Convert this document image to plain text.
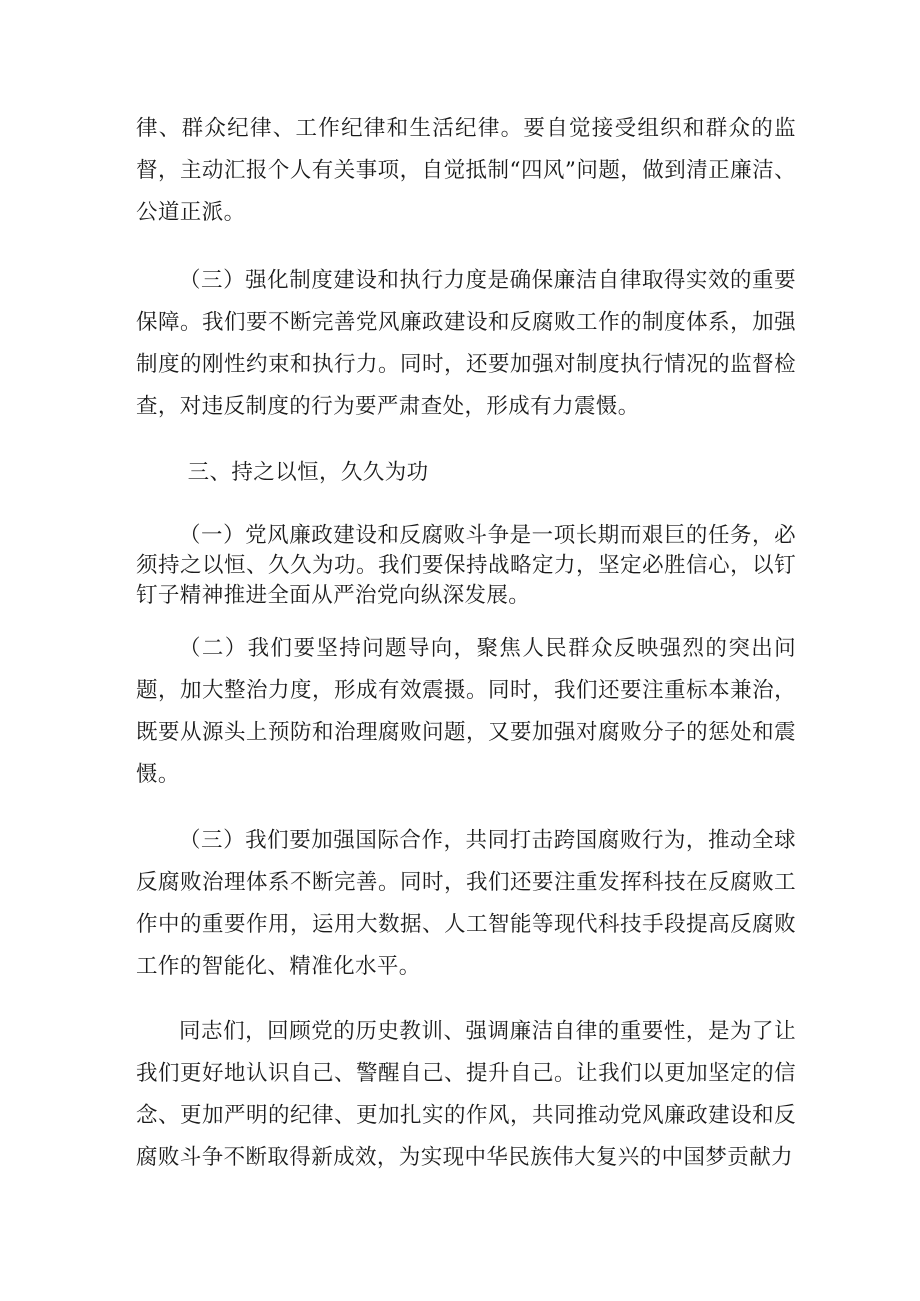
律、群众纪律、工作纪律和生活纪律。要自觉接受组织和群众的监督，主动汇报个人有关事项，自觉抵制“四风”问题，做到清正廉洁、公道正派。

（三）强化制度建设和执行力度是确保廉洁自律取得实效的重要保障。我们要不断完善党风廉政建设和反腐败工作的制度体系，加强制度的刚性约束和执行力。同时，还要加强对制度执行情况的监督检查，对违反制度的行为要严肃查处，形成有力震慑。

三、持之以恒，久久为功

（一）党风廉政建设和反腐败斗争是一项长期而艰巨的任务，必须持之以恒、久久为功。我们要保持战略定力，坚定必胜信心，以钉钉子精神推进全面从严治党向纵深发展。

（二）我们要坚持问题导向，聚焦人民群众反映强烈的突出问题，加大整治力度，形成有效震摄。同时，我们还要注重标本兼治，既要从源头上预防和治理腐败问题，又要加强对腐败分子的惩处和震慑。

（三）我们要加强国际合作，共同打击跨国腐败行为，推动全球反腐败治理体系不断完善。同时，我们还要注重发挥科技在反腐败工作中的重要作用，运用大数据、人工智能等现代科技手段提高反腐败工作的智能化、精准化水平。

同志们，回顾党的历史教训、强调廉洁自律的重要性，是为了让我们更好地认识自己、警醒自己、提升自己。让我们以更加坚定的信念、更加严明的纪律、更加扎实的作风，共同推动党风廉政建设和反腐败斗争不断取得新成效，为实现中华民族伟大复兴的中国梦贡献力
